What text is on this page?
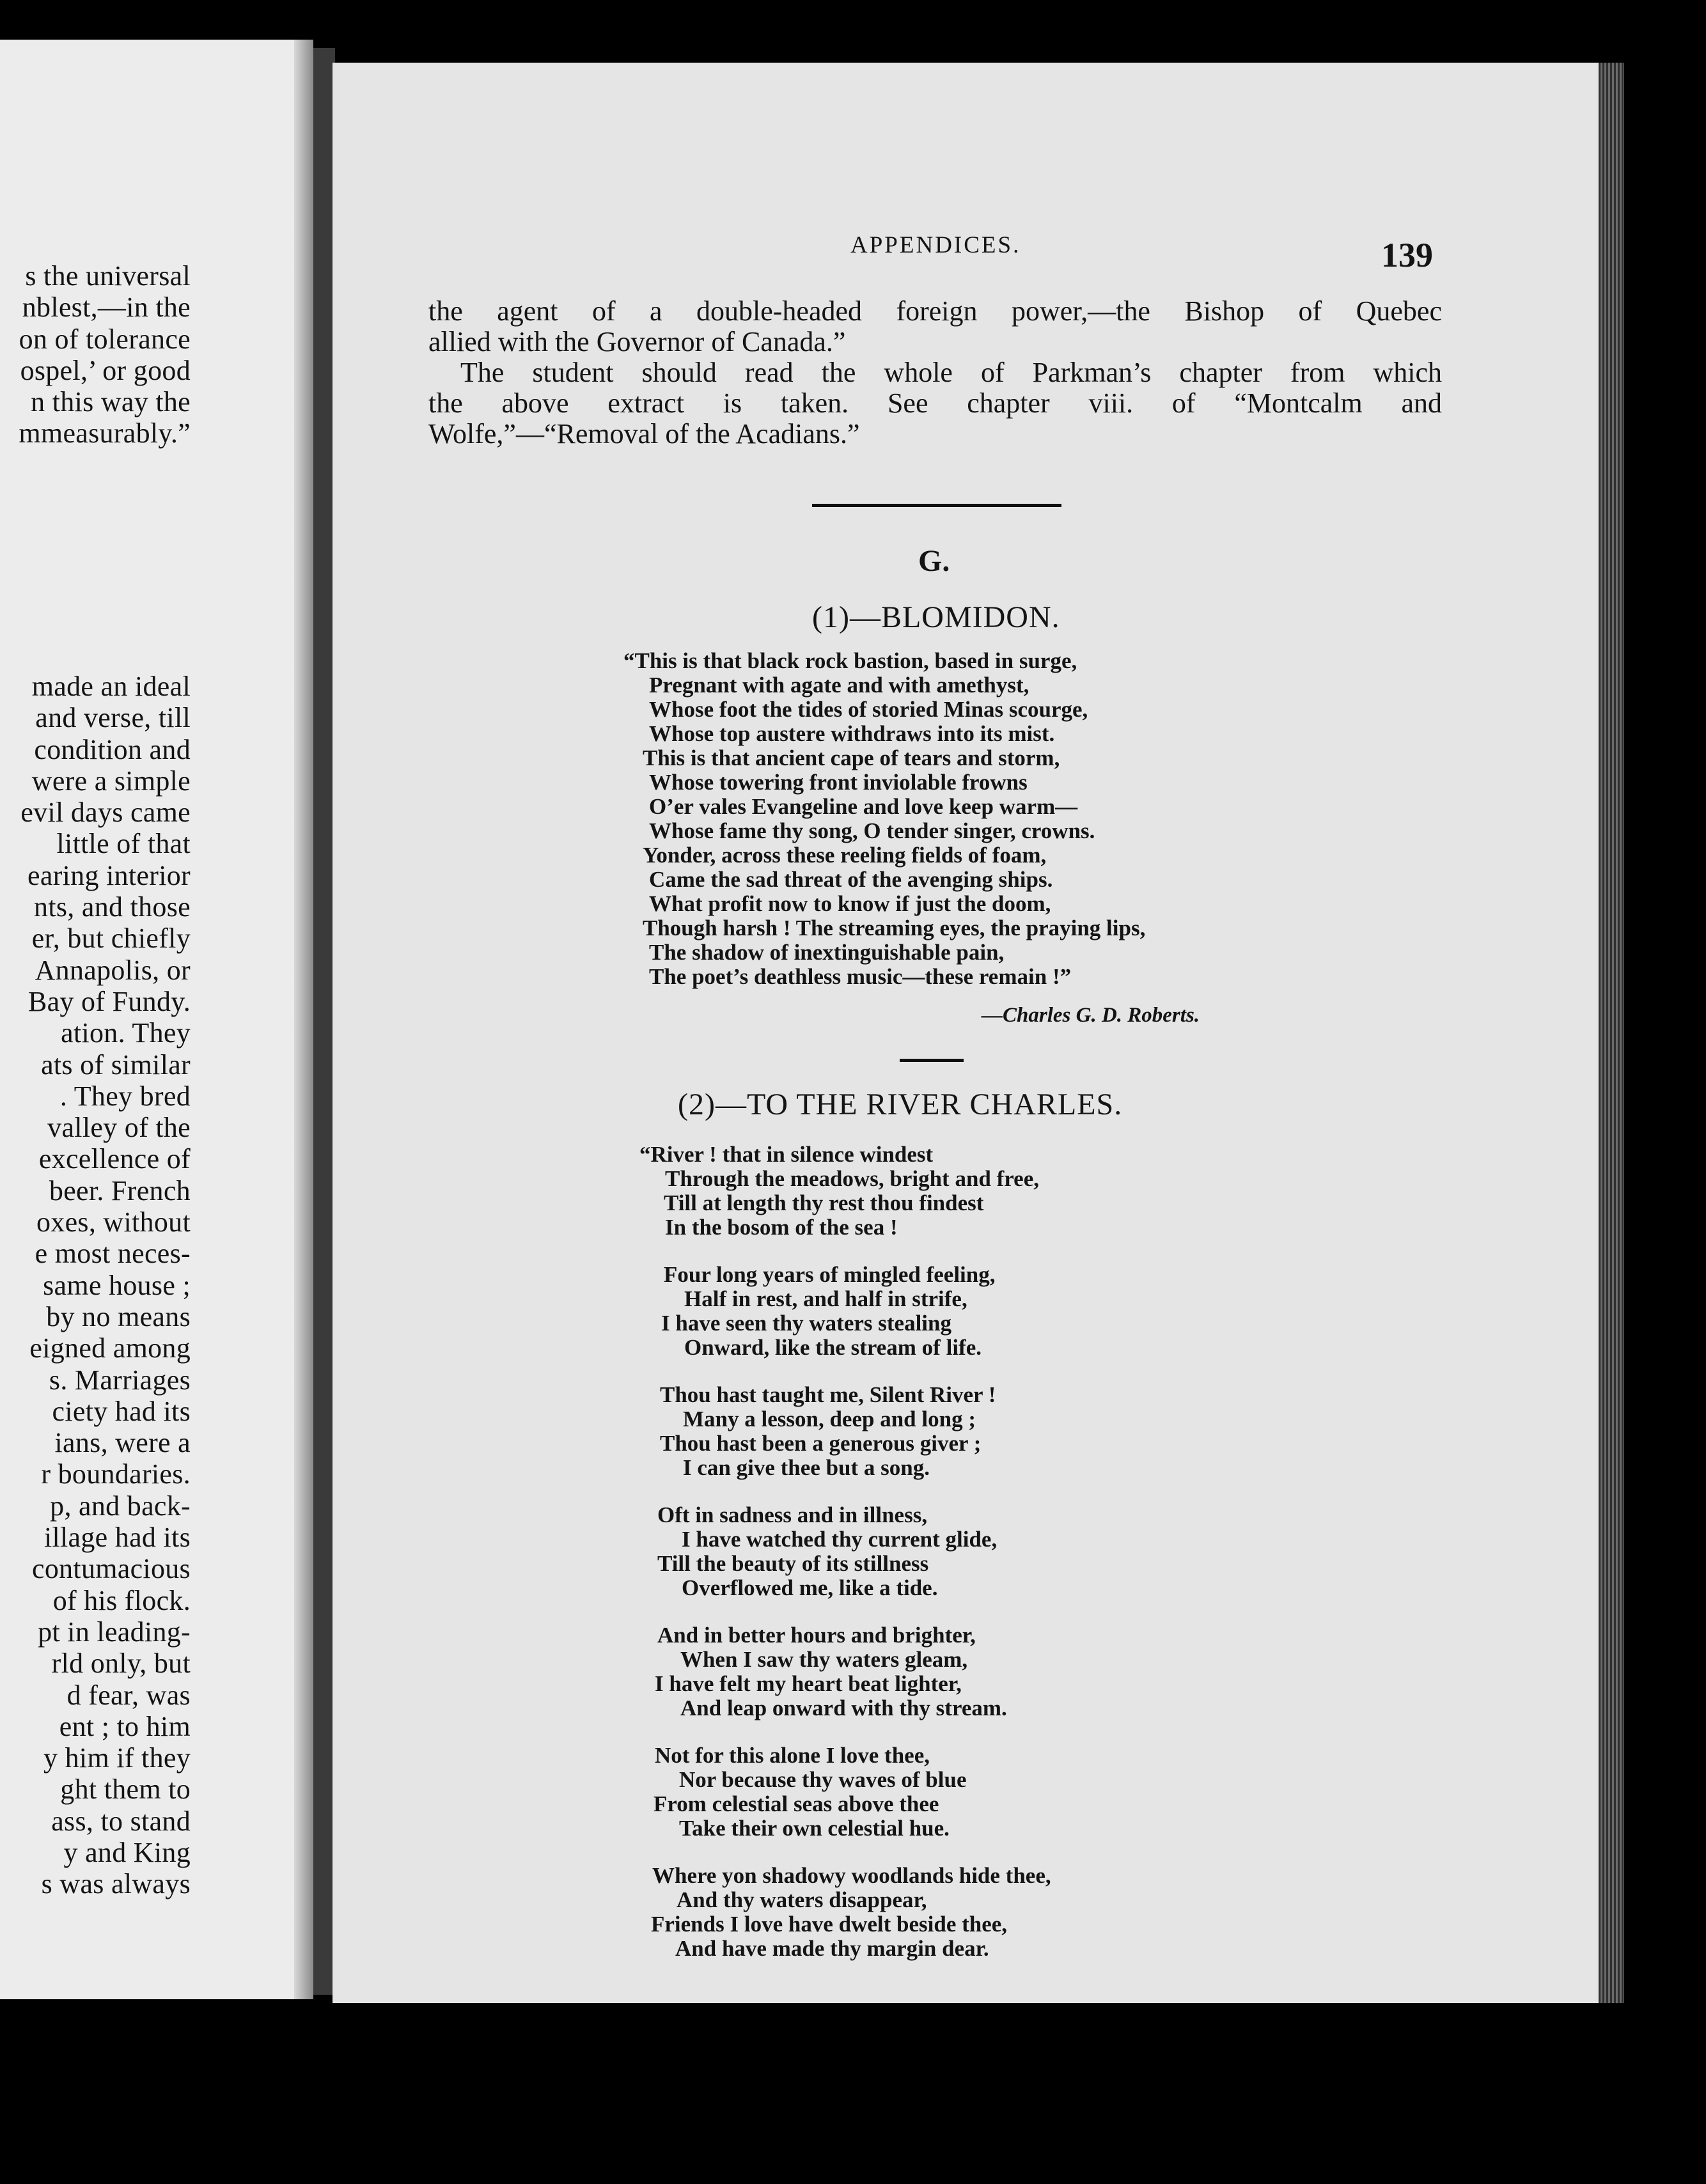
s the universal
nblest,—in the
on of tolerance
ospel,’ or good
n this way the
mmeasurably.”
made an ideal
and verse, till
condition and
were a simple
evil days came
little of that
earing interior
nts, and those
er, but chiefly
Annapolis, or
Bay of Fundy.
ation. They
ats of similar
. They bred
valley of the
excellence of
beer. French
oxes, without
e most neces-
same house ;
by no means
eigned among
s. Marriages
ciety had its
ians, were a
r boundaries.
p, and back-
illage had its
contumacious
of his flock.
pt in leading-
rld only, but
d fear, was
ent ; to him
y him if they
ght them to
ass, to stand
y and King
s was always
APPENDICES.	139

the agent of a double-headed foreign power,—the Bishop of Quebec

allied with the Governor of Canada.”

The student should read the whole of Parkman’s chapter from which

the above extract is taken. See chapter viii. of “Montcalm and

Wolfe,”—“Removal of the Acadians.”

G.
(1)—BLOMIDON.
“This is that black rock bastion, based in surge,
Pregnant with agate and with amethyst,
Whose foot the tides of storied Minas scourge,
Whose top austere withdraws into its mist.
This is that ancient cape of tears and storm,
Whose towering front inviolable frowns
O’er vales Evangeline and love keep warm—
Whose fame thy song, O tender singer, crowns.
Yonder, across these reeling fields of foam,
Came the sad threat of the avenging ships.
What profit now to know if just the doom,
Though harsh ! The streaming eyes, the praying lips,
The shadow of inextinguishable pain,
The poet’s deathless music—these remain !”
—Charles G. D. Roberts.
(2)—TO THE RIVER CHARLES.
“River ! that in silence windest
Through the meadows, bright and free,
Till at length thy rest thou findest
In the bosom of the sea !
Four long years of mingled feeling,
Half in rest, and half in strife,
I have seen thy waters stealing
Onward, like the stream of life.
Thou hast taught me, Silent River !
Many a lesson, deep and long ;
Thou hast been a generous giver ;
I can give thee but a song.
Oft in sadness and in illness,
I have watched thy current glide,
Till the beauty of its stillness
Overflowed me, like a tide.
And in better hours and brighter,
When I saw thy waters gleam,
I have felt my heart beat lighter,
And leap onward with thy stream.
Not for this alone I love thee,
Nor because thy waves of blue
From celestial seas above thee
Take their own celestial hue.
Where yon shadowy woodlands hide thee,
And thy waters disappear,
Friends I love have dwelt beside thee,
And have made thy margin dear.
